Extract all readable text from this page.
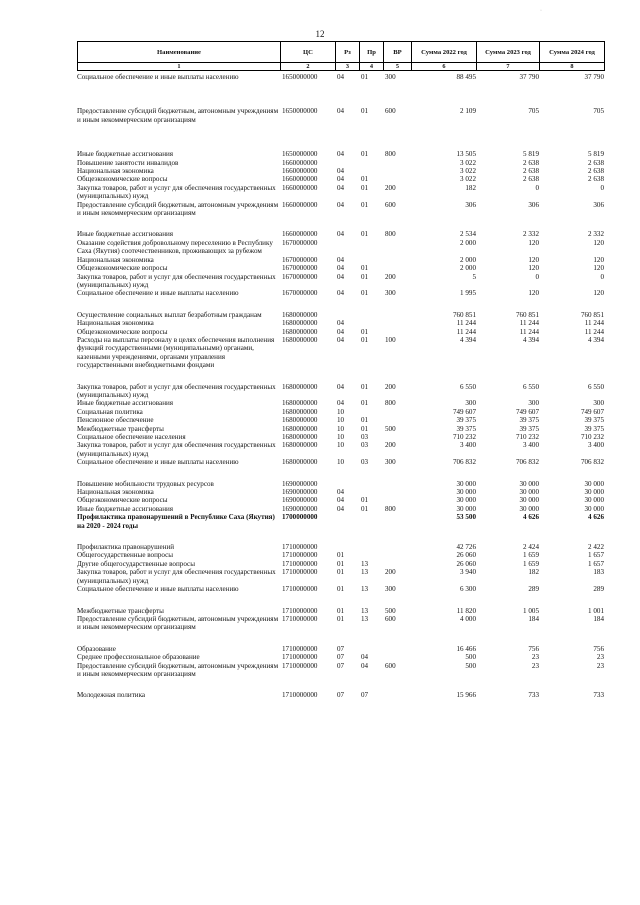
·
12
Наименование	ЦС	Рз	Пр	ВР	Сумма 2022 год	Сумма 2023 год	Сумма 2024 год
1	2	3	4	5	6	7	8
Социальное обеспечение и иные выплаты населению	1650000000	04	01	300	88 495	37 790	37 790

Предоставление субсидий бюджетным, автономным учреждениям и иным некоммерческим организациям	1650000000	04	01	600	2 109	705	705

Иные бюджетные ассигнования	1650000000	04	01	800	13 505	5 819	5 819
Повышение занятости инвалидов	1660000000				3 022	2 638	2 638
Национальная экономика	1660000000	04			3 022	2 638	2 638
Общеэкономические вопросы	1660000000	04	01		3 022	2 638	2 638
Закупка товаров, работ и услуг для обеспечения государственных (муниципальных) нужд	1660000000	04	01	200	182	0	0
Предоставление субсидий бюджетным, автономным учреждениям и иным некоммерческим организациям	1660000000	04	01	600	306	306	306

Иные бюджетные ассигнования	1660000000	04	01	800	2 534	2 332	2 332
Оказание содействия добровольному переселению в Республику Саха (Якутия) соотечественников, проживающих за рубежом	1670000000				2 000	120	120
Национальная экономика	1670000000	04			2 000	120	120
Общеэкономические вопросы	1670000000	04	01		2 000	120	120
Закупка товаров, работ и услуг для обеспечения государственных (муниципальных) нужд	1670000000	04	01	200	5	0	0
Социальное обеспечение и иные выплаты населению	1670000000	04	01	300	1 995	120	120

Осуществление социальных выплат безработным гражданам	1680000000				760 851	760 851	760 851
Национальная экономика	1680000000	04			11 244	11 244	11 244
Общеэкономические вопросы	1680000000	04	01		11 244	11 244	11 244
Расходы на выплаты персоналу в целях обеспечения выполнения функций государственными (муниципальными) органами, казенными учреждениями, органами управления государственными внебюджетными фондами	1680000000	04	01	100	4 394	4 394	4 394

Закупка товаров, работ и услуг для обеспечения государственных (муниципальных) нужд	1680000000	04	01	200	6 550	6 550	6 550
Иные бюджетные ассигнования	1680000000	04	01	800	300	300	300
Социальная политика	1680000000	10			749 607	749 607	749 607
Пенсионное обеспечение	1680000000	10	01		39 375	39 375	39 375
Межбюджетные трансферты	1680000000	10	01	500	39 375	39 375	39 375
Социальное обеспечение населения	1680000000	10	03		710 232	710 232	710 232
Закупка товаров, работ и услуг для обеспечения государственных (муниципальных) нужд	1680000000	10	03	200	3 400	3 400	3 400
Социальное обеспечение и иные выплаты населению	1680000000	10	03	300	706 832	706 832	706 832

Повышение мобильности трудовых ресурсов	1690000000				30 000	30 000	30 000
Национальная экономика	1690000000	04			30 000	30 000	30 000
Общеэкономические вопросы	1690000000	04	01		30 000	30 000	30 000
Иные бюджетные ассигнования	1690000000	04	01	800	30 000	30 000	30 000
Профилактика правонарушений в Республике Саха (Якутия) на 2020 - 2024 годы	1700000000				53 500	4 626	4 626

Профилактика правонарушений	1710000000				42 726	2 424	2 422
Общегосударственные вопросы	1710000000	01			26 060	1 659	1 657
Другие общегосударственные вопросы	1710000000	01	13		26 060	1 659	1 657
Закупка товаров, работ и услуг для обеспечения государственных (муниципальных) нужд	1710000000	01	13	200	3 940	182	183
Социальное обеспечение и иные выплаты населению	1710000000	01	13	300	6 300	289	289

Межбюджетные трансферты	1710000000	01	13	500	11 820	1 005	1 001
Предоставление субсидий бюджетным, автономным учреждениям и иным некоммерческим организациям	1710000000	01	13	600	4 000	184	184

Образование	1710000000	07			16 466	756	756
Среднее профессиональное образование	1710000000	07	04		500	23	23
Предоставление субсидий бюджетным, автономным учреждениям и иным некоммерческим организациям	1710000000	07	04	600	500	23	23

Молодежная политика	1710000000	07	07		15 966	733	733
